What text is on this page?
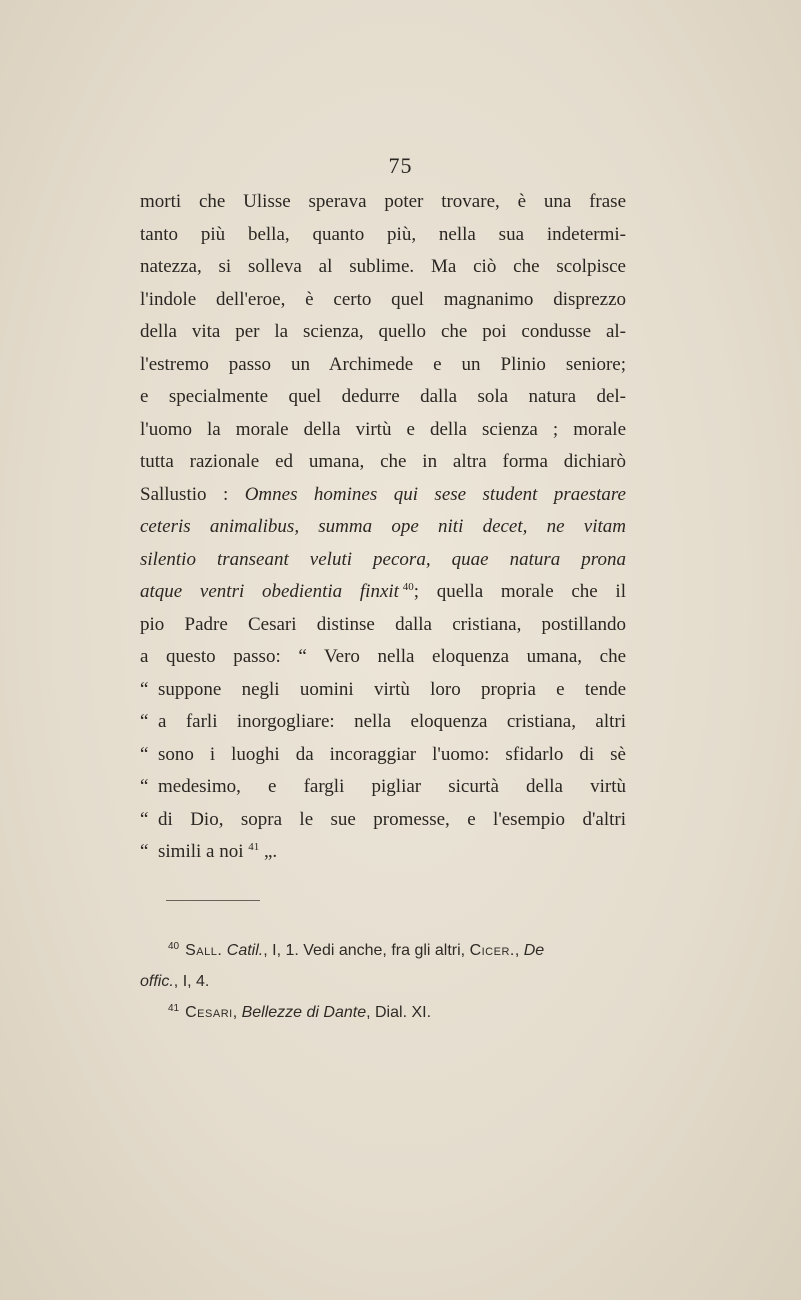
75
morti che Ulisse sperava poter trovare, è una frase
tanto più bella, quanto più, nella sua indetermi-
natezza, si solleva al sublime. Ma ciò che scolpisce
l'indole dell'eroe, è certo quel magnanimo disprezzo
della vita per la scienza, quello che poi condusse al-
l'estremo passo un Archimede e un Plinio seniore;
e specialmente quel dedurre dalla sola natura del-
l'uomo la morale della virtù e della scienza ; morale
tutta razionale ed umana, che in altra forma dichiarò
Sallustio : Omnes homines qui sese student praestare
ceteris animalibus, summa ope niti decet, ne vitam
silentio transeant veluti pecora, quae natura prona
atque ventri obedientia finxit  $^{40}$; quella morale che il
pio Padre Cesari distinse dalla cristiana, postillando
a questo passo: “ Vero nella eloquenza umana, che
“ suppone negli uomini virtù loro propria e tende
“ a farli inorgogliare: nella eloquenza cristiana, altri
“ sono i luoghi da incoraggiar l'uomo: sfidarlo di sè
“ medesimo, e fargli pigliar sicurtà della virtù
“ di Dio, sopra le sue promesse, e l'esempio d'altri
“ simili a noi $^{41}$ „.
$^{40}$ Sall. Catil., I, 1. Vedi anche, fra gli altri, Cicer., De
offic., I, 4.
$^{41}$ Cesari, Bellezze di Dante, Dial. XI.
